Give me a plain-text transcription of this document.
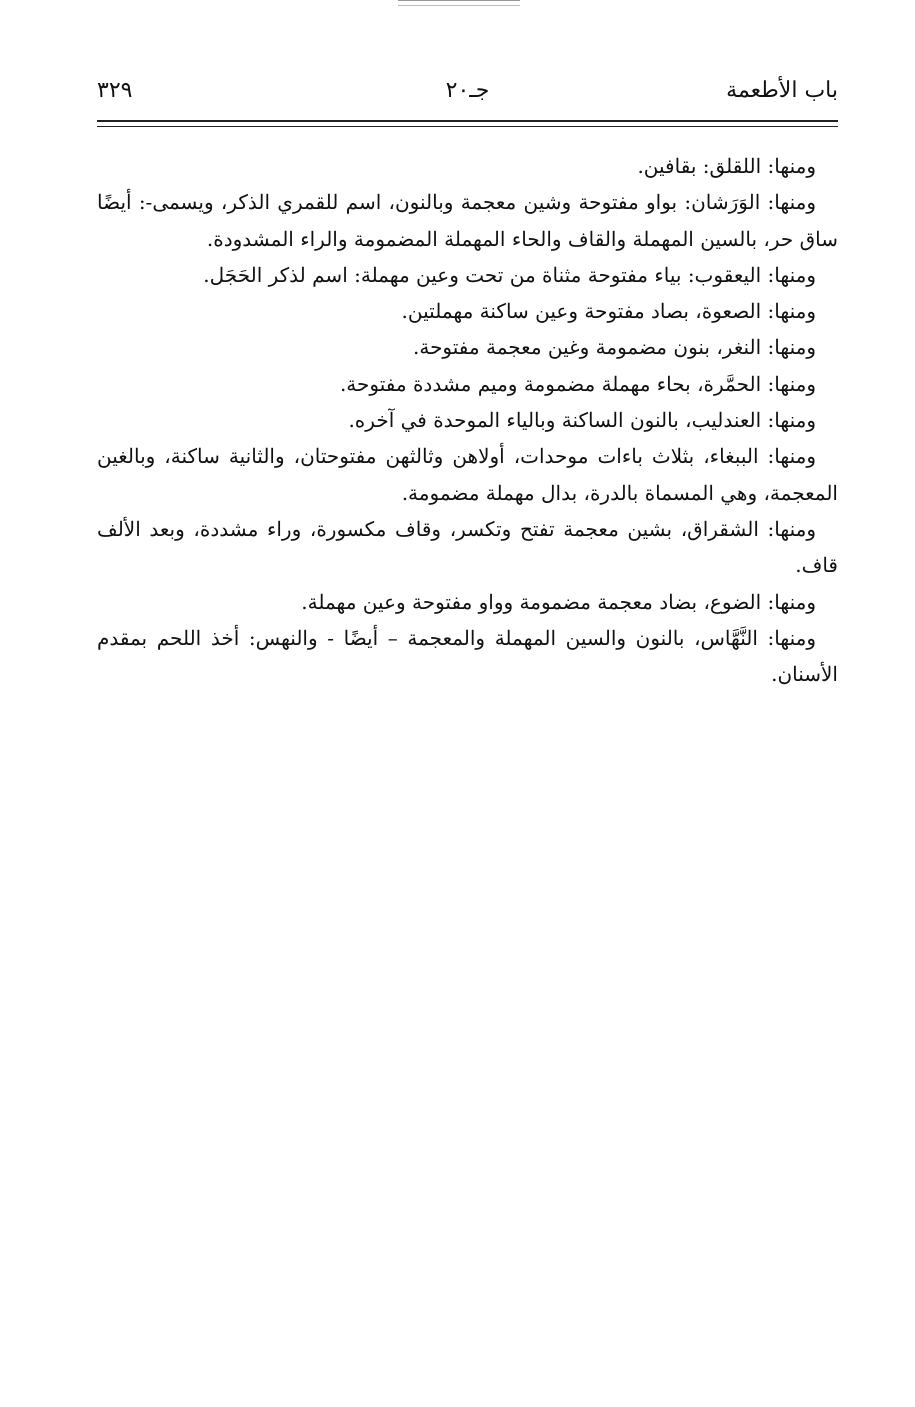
باب الأطعمة
جـ٢٠
٣٢٩

ومنها: اللقلق: بقافين.

ومنها: الوَرَشان: بواو مفتوحة وشين معجمة وبالنون، اسم للقمري الذكر، ويسمى-: أيضًا ساق حر، بالسين المهملة والقاف والحاء المهملة المضمومة والراء المشدودة.

ومنها: اليعقوب: بياء مفتوحة مثناة من تحت وعين مهملة: اسم لذكر الحَجَل.

ومنها: الصعوة، بصاد مفتوحة وعين ساكنة مهملتين.

ومنها: النغر، بنون مضمومة وغين معجمة مفتوحة.

ومنها: الحمَّرة، بحاء مهملة مضمومة وميم مشددة مفتوحة.

ومنها: العندليب، بالنون الساكنة وبالياء الموحدة في آخره.

ومنها: الببغاء، بثلاث باءات موحدات، أولاهن وثالثهن مفتوحتان، والثانية ساكنة، وبالغين المعجمة، وهي المسماة بالدرة، بدال مهملة مضمومة.

ومنها: الشقراق، بشين معجمة تفتح وتكسر، وقاف مكسورة، وراء مشددة، وبعد الألف قاف.

ومنها: الضوع، بضاد معجمة مضمومة وواو مفتوحة وعين مهملة.

ومنها: النَّهَّاس، بالنون والسين المهملة والمعجمة – أيضًا - والنهس: أخذ اللحم بمقدم الأسنان.
